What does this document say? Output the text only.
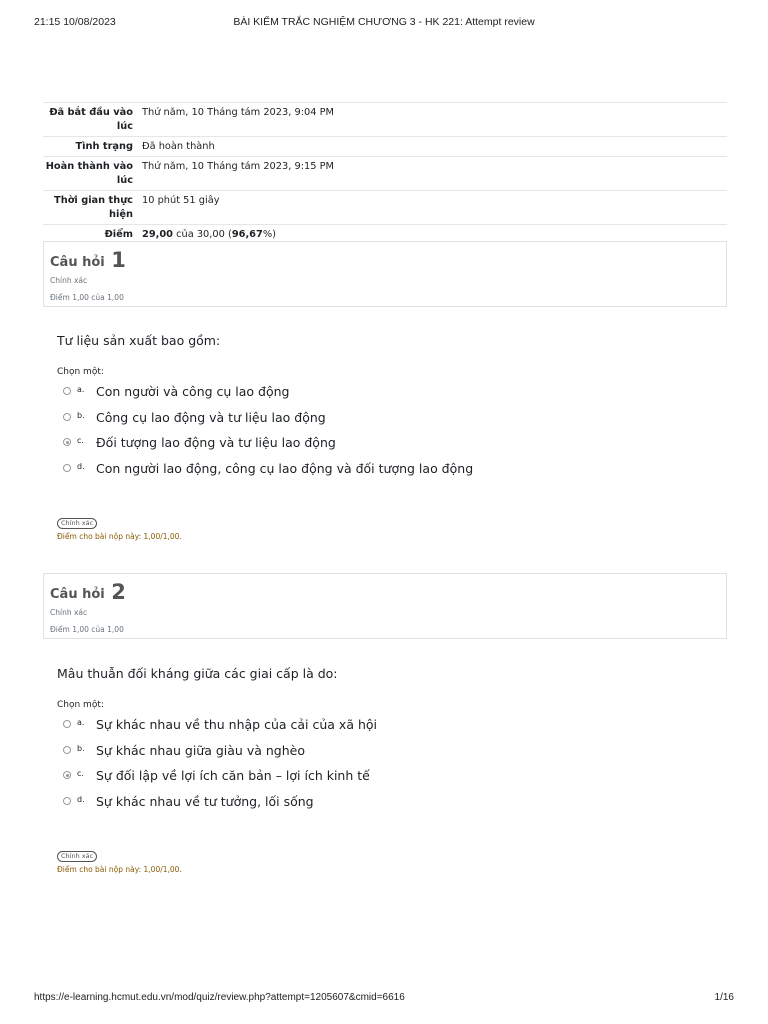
21:15 10/08/2023	BÀI KIỂM TRẮC NGHIỆM CHƯƠNG 3 - HK 221: Attempt review
Đã bắt đầu vào lúc	Thứ năm, 10 Tháng tám 2023, 9:04 PM
Tình trạng	Đã hoàn thành
Hoàn thành vào lúc	Thứ năm, 10 Tháng tám 2023, 9:15 PM
Thời gian thực hiện	10 phút 51 giây
Điểm	29,00 của 30,00 (96,67%)
Câu hỏi 1
Chính xác
Điểm 1,00 của 1,00
Tư liệu sản xuất bao gồm:
Chọn một:
a. Con người và công cụ lao động
b. Công cụ lao động và tư liệu lao động
c. Đối tượng lao động và tư liệu lao động
d. Con người lao động, công cụ lao động và đối tượng lao động
Chính xác
Điểm cho bài nộp này: 1,00/1,00.
Câu hỏi 2
Chính xác
Điểm 1,00 của 1,00
Mâu thuẫn đối kháng giữa các giai cấp là do:
Chọn một:
a. Sự khác nhau về thu nhập của cải của xã hội
b. Sự khác nhau giữa giàu và nghèo
c. Sự đối lập về lợi ích căn bản – lợi ích kinh tế
d. Sự khác nhau về tư tưởng, lối sống
Chính xác
Điểm cho bài nộp này: 1,00/1,00.
https://e-learning.hcmut.edu.vn/mod/quiz/review.php?attempt=1205607&cmid=6616	1/16
